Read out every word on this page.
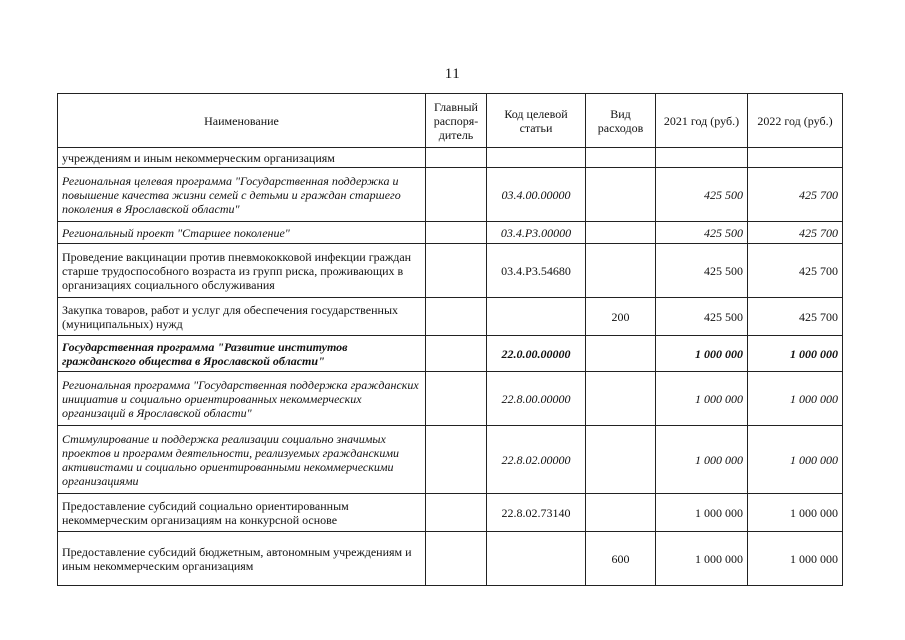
11
Наименование	Главный распоря-дитель	Код целевой статьи	Вид расходов	2021 год (руб.)	2022 год (руб.)
учреждениям и иным некоммерческим организациям					
Региональная целевая программа "Государственная поддержка и повышение качества жизни семей с детьми и граждан старшего поколения в Ярославской области"		03.4.00.00000		425 500	425 700
Региональный проект "Старшее поколение"		03.4.Р3.00000		425 500	425 700
Проведение вакцинации против пневмококковой инфекции граждан старше трудоспособного возраста из групп риска, проживающих в организациях социального обслуживания		03.4.Р3.54680		425 500	425 700
Закупка товаров, работ и услуг для обеспечения государственных (муниципальных) нужд			200	425 500	425 700
Государственная программа "Развитие институтов гражданского общества в Ярославской области"		22.0.00.00000		1 000 000	1 000 000
Региональная программа "Государственная поддержка гражданских инициатив и социально ориентированных некоммерческих организаций в Ярославской области"		22.8.00.00000		1 000 000	1 000 000
Стимулирование и поддержка реализации социально значимых проектов и программ деятельности, реализуемых гражданскими активистами и социально ориентированными некоммерческими организациями		22.8.02.00000		1 000 000	1 000 000
Предоставление субсидий социально ориентированным некоммерческим организациям на конкурсной основе		22.8.02.73140		1 000 000	1 000 000
Предоставление субсидий бюджетным, автономным учреждениям и иным некоммерческим организациям			600	1 000 000	1 000 000
